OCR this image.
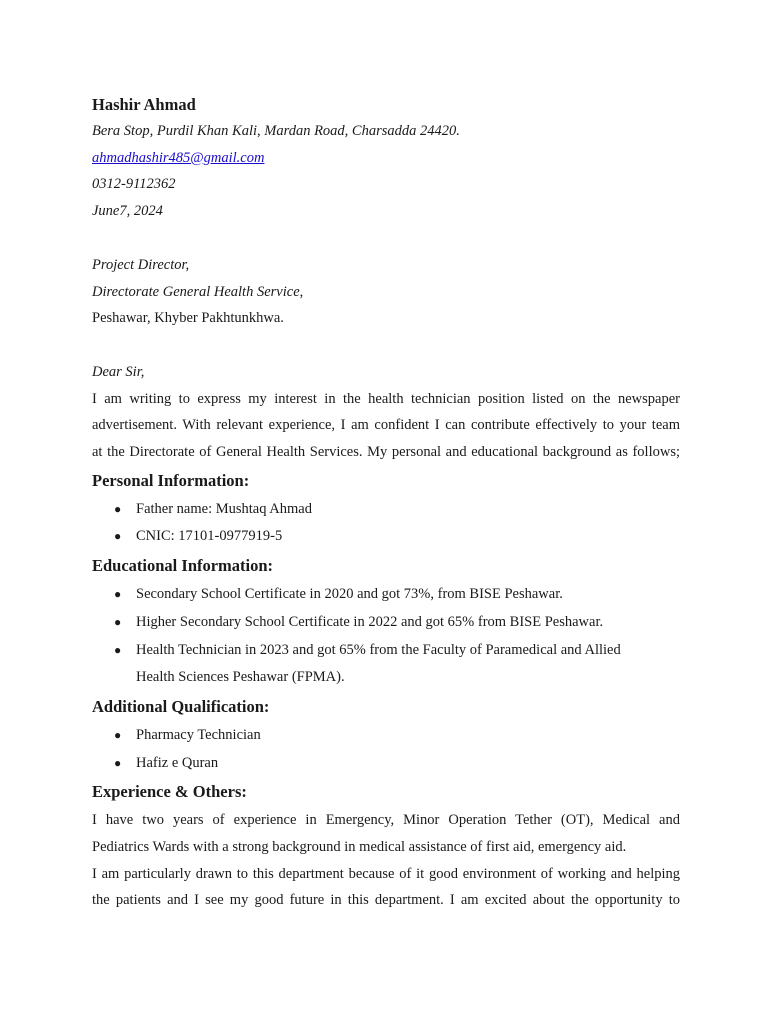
Hashir Ahmad

Bera Stop, Purdil Khan Kali, Mardan Road, Charsadda 24420.

ahmadhashir485@gmail.com

0312-9112362

June7, 2024

Project Director,

Directorate General Health Service,

Peshawar, Khyber Pakhtunkhwa.

Dear Sir,

I am writing to express my interest in the health technician position listed on the newspaper

advertisement. With relevant experience, I am confident I can contribute effectively to your team

at the Directorate of General Health Services. My personal and educational background as follows;

Personal Information:

● Father name: Mushtaq Ahmad
● CNIC: 17101-0977919-5

Educational Information:

● Secondary School Certificate in 2020 and got 73%, from BISE Peshawar.
● Higher Secondary School Certificate in 2022 and got 65% from BISE Peshawar.
● Health Technician in 2023 and got 65% from the Faculty of Paramedical and Allied
Health Sciences Peshawar (FPMA).

Additional Qualification:

● Pharmacy Technician
● Hafiz e Quran

Experience & Others:

I have two years of experience in Emergency, Minor Operation Tether (OT), Medical and

Pediatrics Wards with a strong background in medical assistance of first aid, emergency aid.

I am particularly drawn to this department because of it good environment of working and helping

the patients and I see my good future in this department. I am excited about the opportunity to
